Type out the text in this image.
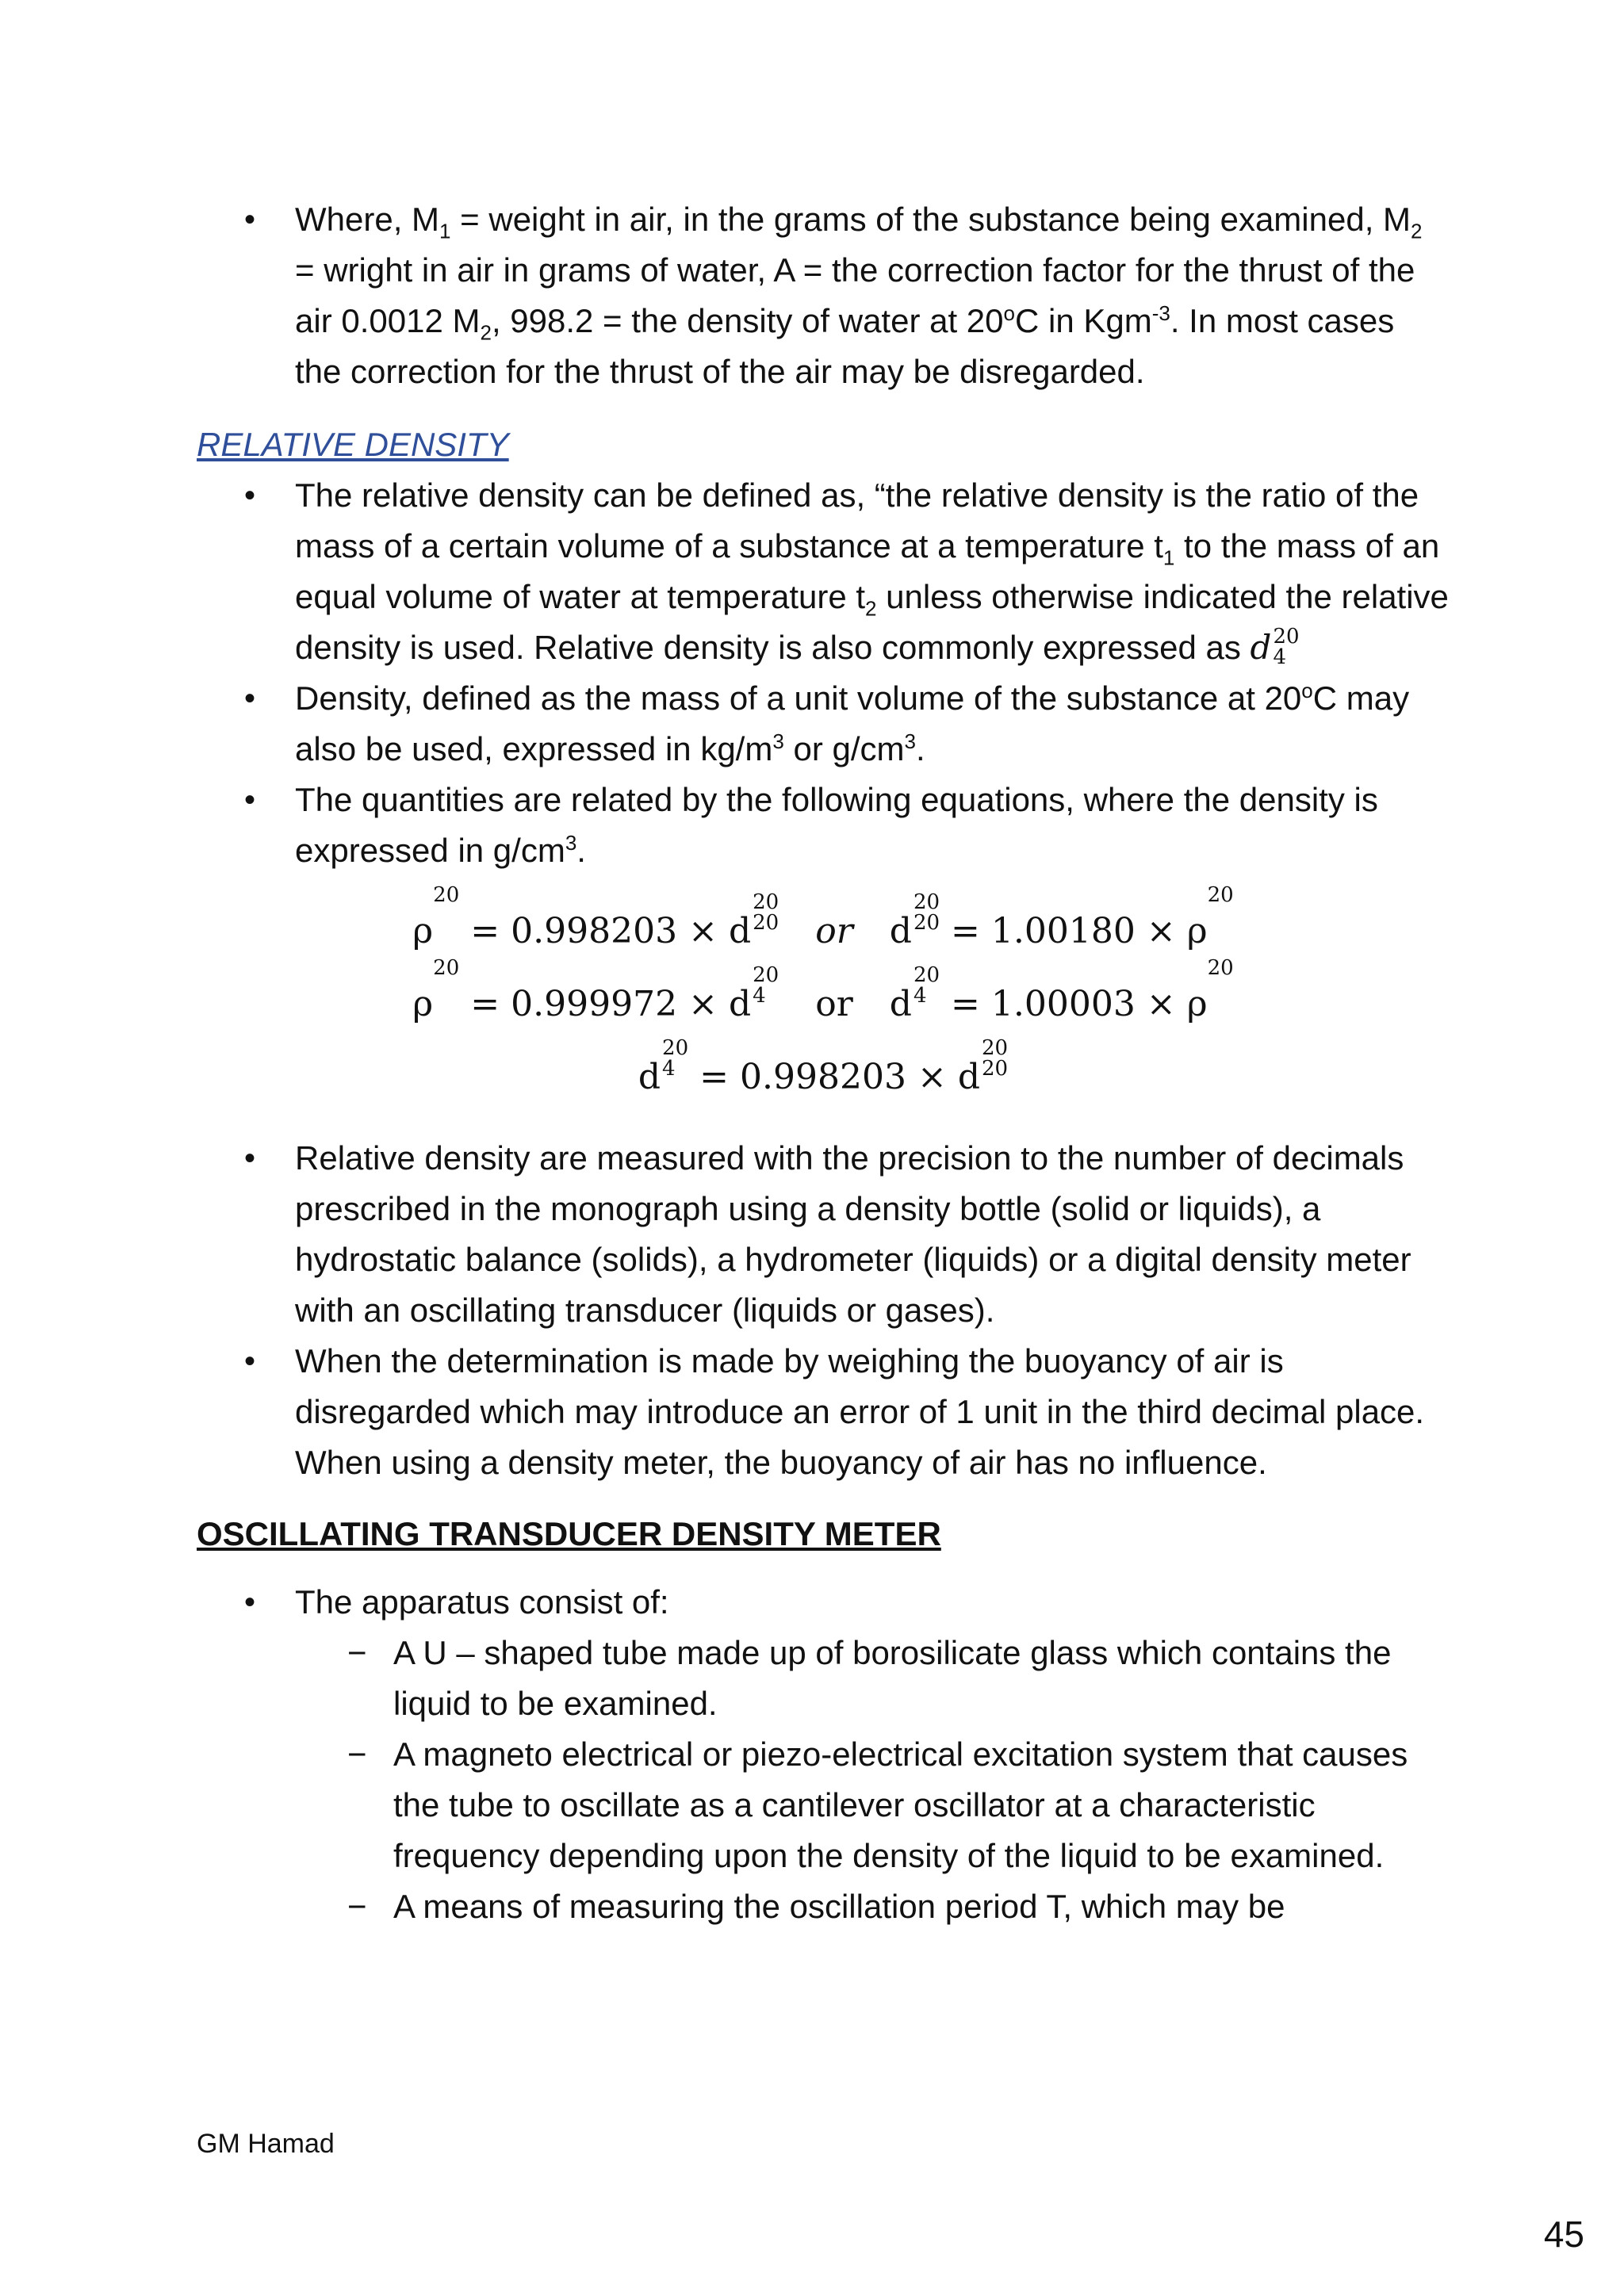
• Where, $M_1$ = weight in air, in the grams of the substance being examined, $M_2$ = wright in air in grams of water, A = the correction factor for the thrust of the air 0.0012 $M_2$, 998.2 = the density of water at 20$^o$C in Kgm$^{-3}$. In most cases the correction for the thrust of the air may be disregarded.
RELATIVE DENSITY
• The relative density can be defined as, “the relative density is the ratio of the mass of a certain volume of a substance at a temperature $t_1$ to the mass of an equal volume of water at temperature $t_2$ unless otherwise indicated the relative density is used. Relative density is also commonly expressed as d 20
4
• Density, defined as the mass of a unit volume of the substance at 20$^o$C may also be used, expressed in $kg/m^3$ or $g/cm^3$.
• The quantities are related by the following equations, where the density is expressed in $g/cm^3$.
ρ
20

=
0.998203
×
d
20
20 or d
20
20
=
1.00180
×
ρ
20
ρ
20

=
0.999972
×
d
20
4	or d
20
4
=
1.00003
×
ρ
20
d
20
4
=
0.998203
×
d
20
20
• Relative density are measured with the precision to the number of decimals prescribed in the monograph using a density bottle (solid or liquids), a hydrostatic balance (solids), a hydrometer (liquids) or a digital density meter with an oscillating transducer (liquids or gases).
• When the determination is made by weighing the buoyancy of air is disregarded which may introduce an error of 1 unit in the third decimal place. When using a density meter, the buoyancy of air has no influence.
OSCILLATING TRANSDUCER DENSITY METER
• The apparatus consist of:
− A U – shaped tube made up of borosilicate glass which contains the liquid to be examined.
− A magneto electrical or piezo-electrical excitation system that causes the tube to oscillate as a cantilever oscillator at a characteristic frequency depending upon the density of the liquid to be examined.
− A means of measuring the oscillation period T, which may be
GM Hamad
45
